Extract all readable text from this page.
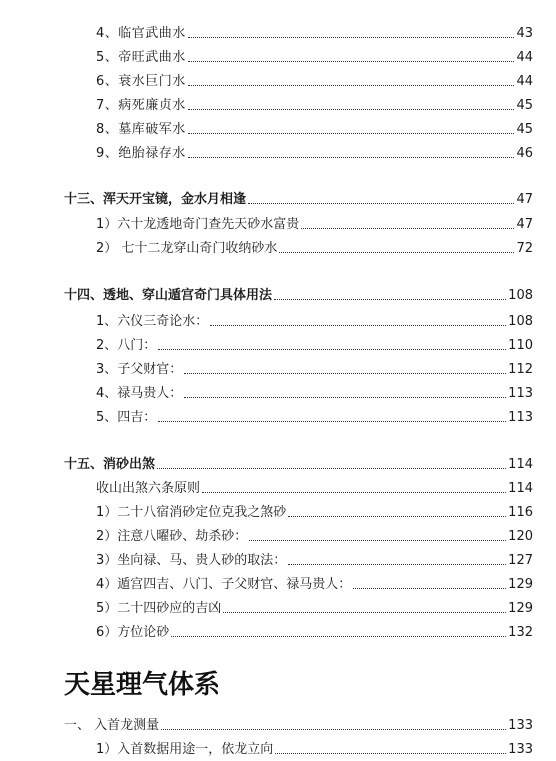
4、临官武曲水	43
5、帝旺武曲水	44
6、衰水巨门水	44
7、病死廉贞水	45
8、墓库破军水	45
9、绝胎禄存水	46
十三、浑天开宝镜，金水月相逢	47
1）六十龙透地奇门查先天砂水富贵	47
2） 七十二龙穿山奇门收纳砂水	72
十四、透地、穿山遁宫奇门具体用法	108
1、六仪三奇论水：	108
2、八门：	110
3、子父财官：	112
4、禄马贵人：	113
5、四吉：	113
十五、消砂出煞	114
收山出煞六条原则	114
1）二十八宿消砂定位克我之煞砂	116
2）注意八曜砂、劫杀砂：	120
3）坐向禄、马、贵人砂的取法：	127
4）遁宫四吉、八门、子父财官、禄马贵人：	129
5）二十四砂应的吉凶	129
6）方位论砂	132
天星理气体系
一、 入首龙测量	133
1）入首数据用途一，依龙立向	133
